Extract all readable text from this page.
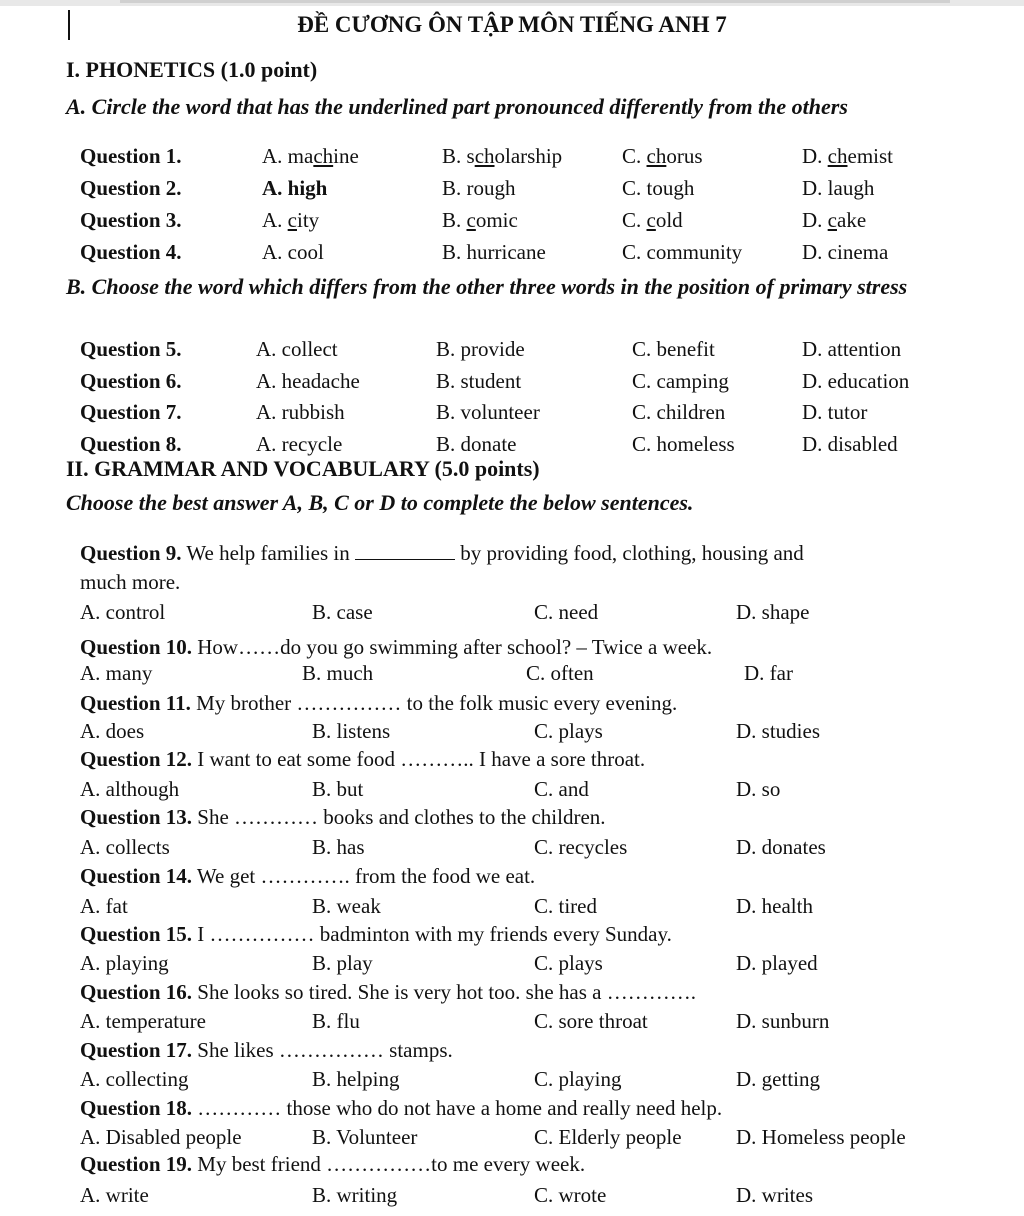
ĐỀ CƯƠNG ÔN TẬP MÔN TIẾNG ANH 7
I. PHONETICS (1.0 point)
A. Circle the word that has the underlined part pronounced differently from the others
Question 1.	A. machine	B. scholarship	C. chorus	D. chemist
Question 2.	A. high	B. rough	C. tough	D. laugh
Question 3.	A. city	B. comic	C. cold	D. cake
Question 4.	A. cool	B. hurricane	C. community	D. cinema
B. Choose the word which differs from the other three words in the position of primary stress
Question 5.	A. collect	B. provide	C. benefit	D. attention
Question 6.	A. headache	B. student	C. camping	D. education
Question 7.	A. rubbish	B. volunteer	C. children	D. tutor
Question 8.	A. recycle	B. donate	C. homeless	D. disabled
II. GRAMMAR AND VOCABULARY (5.0 points)
Choose the best answer A, B, C or D to complete the below sentences.
Question 9. We help families in	by providing food, clothing, housing and
much more.
A. control	B. case	C. need	D. shape
Question 10. How……do you go swimming after school? – Twice a week.
A. many	B. much	C. often	D. far
Question 11. My brother …………… to the folk music every evening.
A. does	B. listens	C. plays	D. studies
Question 12. I want to eat some food ……….. I have a sore throat.
A. although	B. but	C. and	D. so
Question 13. She ………… books and clothes to the children.
A. collects	B. has	C. recycles	D. donates
Question 14. We get …………. from the food we eat.
A. fat	B. weak	C. tired	D. health
Question 15. I …………… badminton with my friends every Sunday.
A. playing	B. play	C. plays	D. played
Question 16. She looks so tired. She is very hot too. she has a ………….
A. temperature	B. flu	C. sore throat	D. sunburn
Question 17. She likes …………… stamps.
A. collecting	B. helping	C. playing	D. getting
Question 18. ………… those who do not have a home and really need help.
A. Disabled people	B. Volunteer	C. Elderly people	D. Homeless people
Question 19. My best friend ……………to me every week.
A. write	B. writing	C. wrote	D. writes
